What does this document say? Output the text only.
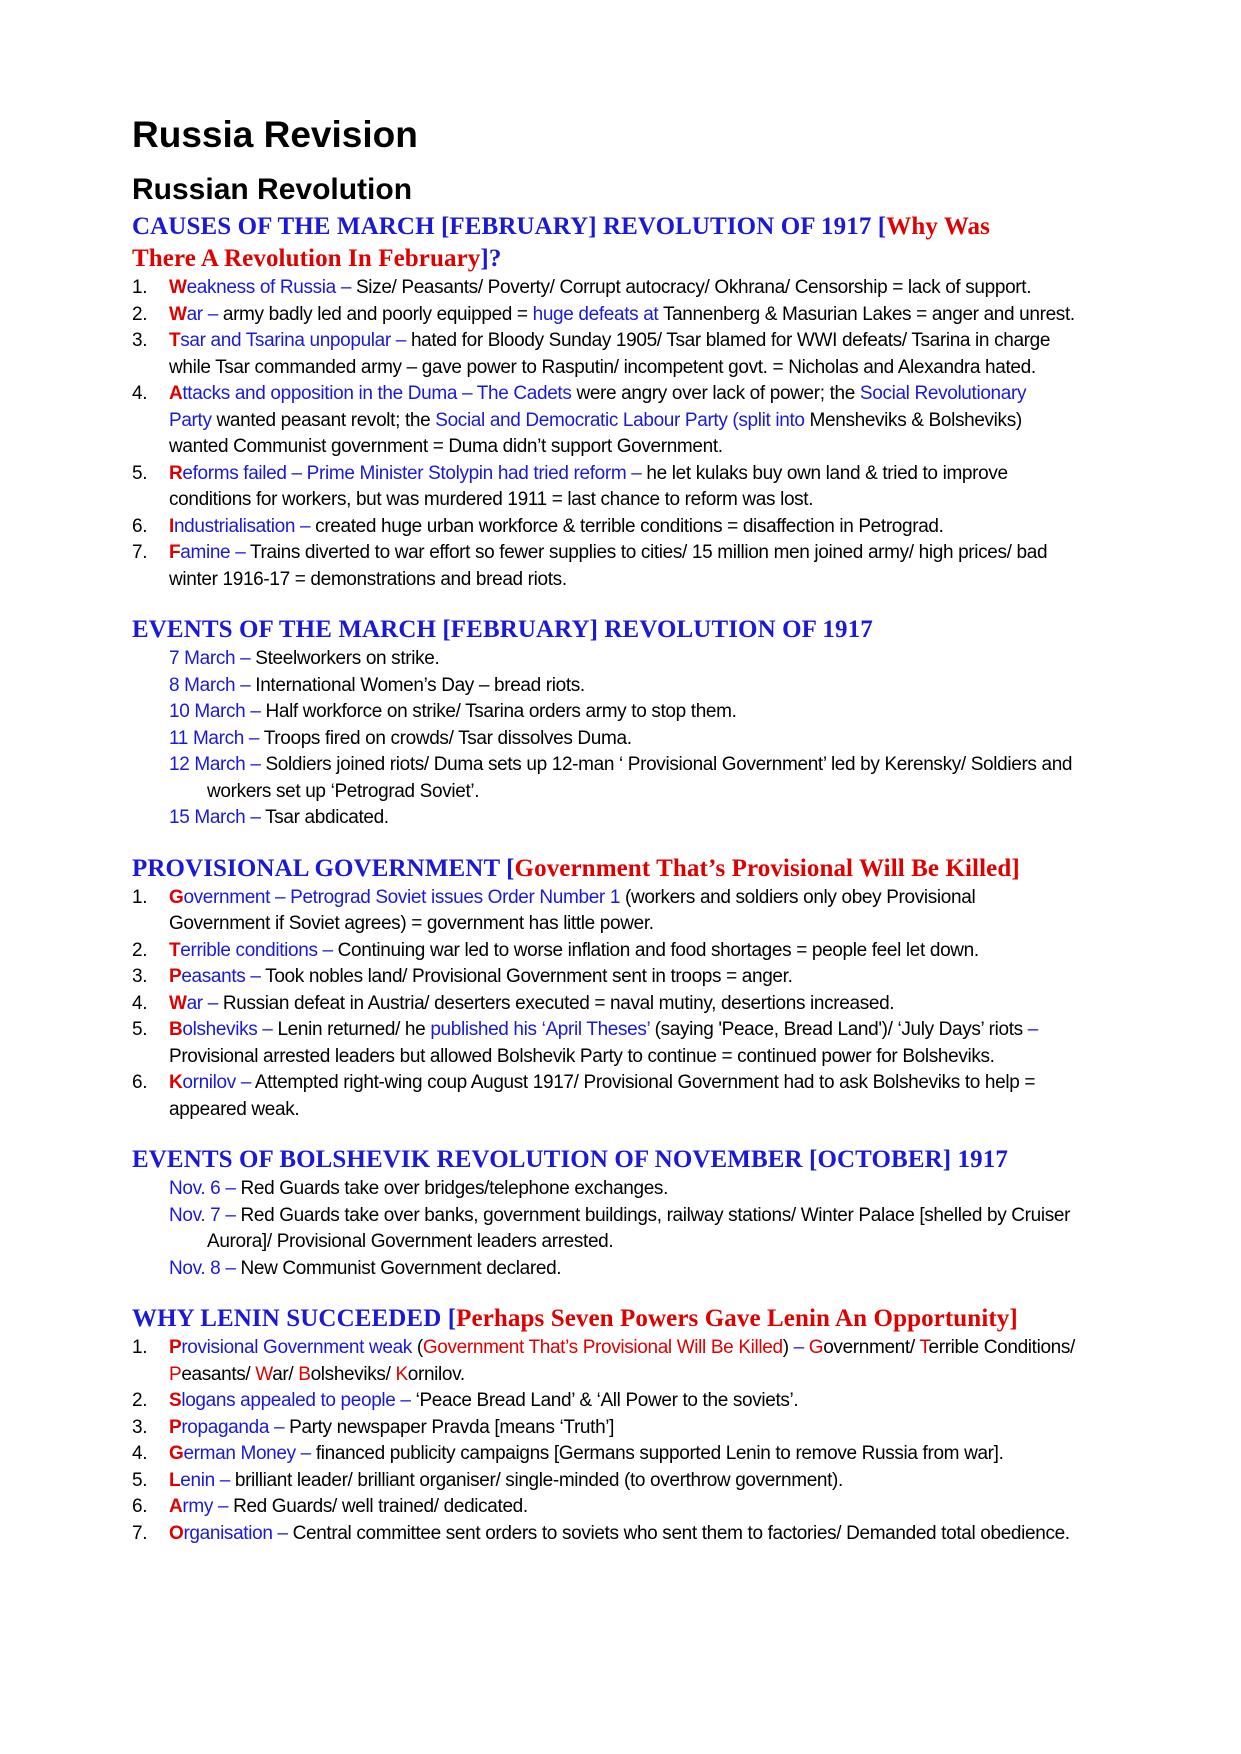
Russia Revision
Russian Revolution
CAUSES OF THE MARCH [FEBRUARY] REVOLUTION OF 1917 [Why Was
There A Revolution In February]?
1. Weakness of Russia – Size/ Peasants/ Poverty/ Corrupt autocracy/ Okhrana/ Censorship = lack of support.
2. War – army badly led and poorly equipped = huge defeats at Tannenberg & Masurian Lakes = anger and unrest.
3. Tsar and Tsarina unpopular – hated for Bloody Sunday 1905/ Tsar blamed for WWI defeats/ Tsarina in charge
while Tsar commanded army – gave power to Rasputin/ incompetent govt. = Nicholas and Alexandra hated.
4. Attacks and opposition in the Duma – The Cadets were angry over lack of power; the Social Revolutionary
Party wanted peasant revolt; the Social and Democratic Labour Party (split into Mensheviks & Bolsheviks)
wanted Communist government = Duma didn’t support Government.
5. Reforms failed – Prime Minister Stolypin had tried reform – he let kulaks buy own land & tried to improve
conditions for workers, but was murdered 1911 = last chance to reform was lost.
6. Industrialisation – created huge urban workforce & terrible conditions = disaffection in Petrograd.
7. Famine – Trains diverted to war effort so fewer supplies to cities/ 15 million men joined army/ high prices/ bad
winter 1916-17 = demonstrations and bread riots.
EVENTS OF THE MARCH [FEBRUARY] REVOLUTION OF 1917
7 March – Steelworkers on strike.
8 March – International Women’s Day – bread riots.
10 March – Half workforce on strike/ Tsarina orders army to stop them.
11 March – Troops fired on crowds/ Tsar dissolves Duma.
12 March – Soldiers joined riots/ Duma sets up 12-man ‘ Provisional Government’ led by Kerensky/ Soldiers and
workers set up ‘Petrograd Soviet’.
15 March – Tsar abdicated.
PROVISIONAL GOVERNMENT [Government That’s Provisional Will Be Killed]
1. Government – Petrograd Soviet issues Order Number 1 (workers and soldiers only obey Provisional
Government if Soviet agrees) = government has little power.
2. Terrible conditions – Continuing war led to worse inflation and food shortages = people feel let down.
3. Peasants – Took nobles land/ Provisional Government sent in troops = anger.
4. War – Russian defeat in Austria/ deserters executed = naval mutiny, desertions increased.
5. Bolsheviks – Lenin returned/ he published his ‘April Theses’ (saying 'Peace, Bread Land')/ ‘July Days’ riots –
Provisional arrested leaders but allowed Bolshevik Party to continue = continued power for Bolsheviks.
6. Kornilov – Attempted right-wing coup August 1917/ Provisional Government had to ask Bolsheviks to help =
appeared weak.
EVENTS OF BOLSHEVIK REVOLUTION OF NOVEMBER [OCTOBER] 1917
Nov. 6 – Red Guards take over bridges/telephone exchanges.
Nov. 7 – Red Guards take over banks, government buildings, railway stations/ Winter Palace [shelled by Cruiser
Aurora]/ Provisional Government leaders arrested.
Nov. 8 – New Communist Government declared.
WHY LENIN SUCCEEDED [Perhaps Seven Powers Gave Lenin An Opportunity]
1. Provisional Government weak (Government That’s Provisional Will Be Killed) – Government/ Terrible Conditions/
Peasants/ War/ Bolsheviks/ Kornilov.
2. Slogans appealed to people – ‘Peace Bread Land’ & ‘All Power to the soviets’.
3. Propaganda – Party newspaper Pravda [means ‘Truth’]
4. German Money – financed publicity campaigns [Germans supported Lenin to remove Russia from war].
5. Lenin – brilliant leader/ brilliant organiser/ single-minded (to overthrow government).
6. Army – Red Guards/ well trained/ dedicated.
7. Organisation – Central committee sent orders to soviets who sent them to factories/ Demanded total obedience.
